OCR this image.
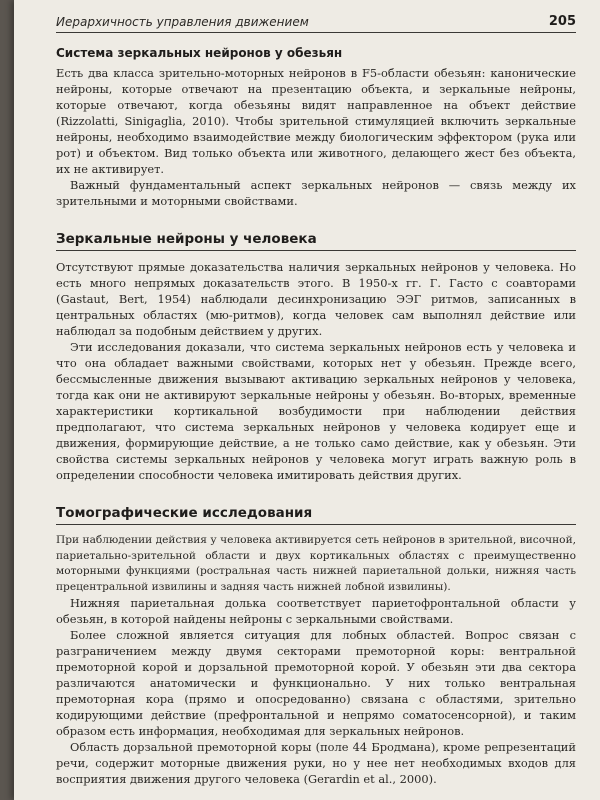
Иерархичность управления движением	205
Система зеркальных нейронов у обезьян

Есть два класса зрительно-моторных нейронов в F5-области обезьян: канонические нейроны, которые отвечают на презентацию объекта, и зеркальные нейроны, которые отвечают, когда обезьяны видят направленное на объект действие (Rizzolatti, Sinigaglia, 2010). Чтобы зрительной стимуляцией включить зеркальные нейроны, необходимо взаимодействие между биологическим эффектором (рука или рот) и объектом. Вид только объекта или животного, делающего жест без объекта, их не активирует.

Важный фундаментальный аспект зеркальных нейронов — связь между их зрительными и моторными свойствами.

Зеркальные нейроны у человека

Отсутствуют прямые доказательства наличия зеркальных нейронов у человека. Но есть много непрямых доказательств этого. В 1950-х гг. Г. Гасто с соавторами (Gastaut, Bert, 1954) наблюдали десинхронизацию ЭЭГ ритмов, записанных в центральных областях (мю-ритмов), когда человек сам выполнял действие или наблюдал за подобным действием у других.

Эти исследования доказали, что система зеркальных нейронов есть у человека и что она обладает важными свойствами, которых нет у обезьян. Прежде всего, бессмысленные движения вызывают активацию зеркальных нейронов у человека, тогда как они не активируют зеркальные нейроны у обезьян. Во-вторых, временные характеристики кортикальной возбудимости при наблюдении действия предполагают, что система зеркальных нейронов у человека кодирует еще и движения, формирующие действие, а не только само действие, как у обезьян. Эти свойства системы зеркальных нейронов у человека могут играть важную роль в определении способности человека имитировать действия других.

Томографические исследования

При наблюдении действия у человека активируется сеть нейронов в зрительной, височной, париетально-зрительной области и двух кортикальных областях с преимущественно моторными функциями (ростральная часть нижней париетальной дольки, нижняя часть прецентральной извилины и задняя часть нижней лобной извилины).

Нижняя париетальная долька соответствует париетофронтальной области у обезьян, в которой найдены нейроны с зеркальными свойствами.

Более сложной является ситуация для лобных областей. Вопрос связан с разграничением между двумя секторами премоторной коры: вентральной премоторной корой и дорзальной премоторной корой. У обезьян эти два сектора различаются анатомически и функционально. У них только вентральная премоторная кора (прямо и опосредованно) связана с областями, зрительно кодирующими действие (префронтальной и непрямо соматосенсорной), и таким образом есть информация, необходимая для зеркальных нейронов.

Область дорзальной премоторной коры (поле 44 Бродмана), кроме репрезентаций речи, содержит моторные движения руки, но у нее нет необходимых входов для восприятия движения другого человека (Gerardin et al., 2000).
